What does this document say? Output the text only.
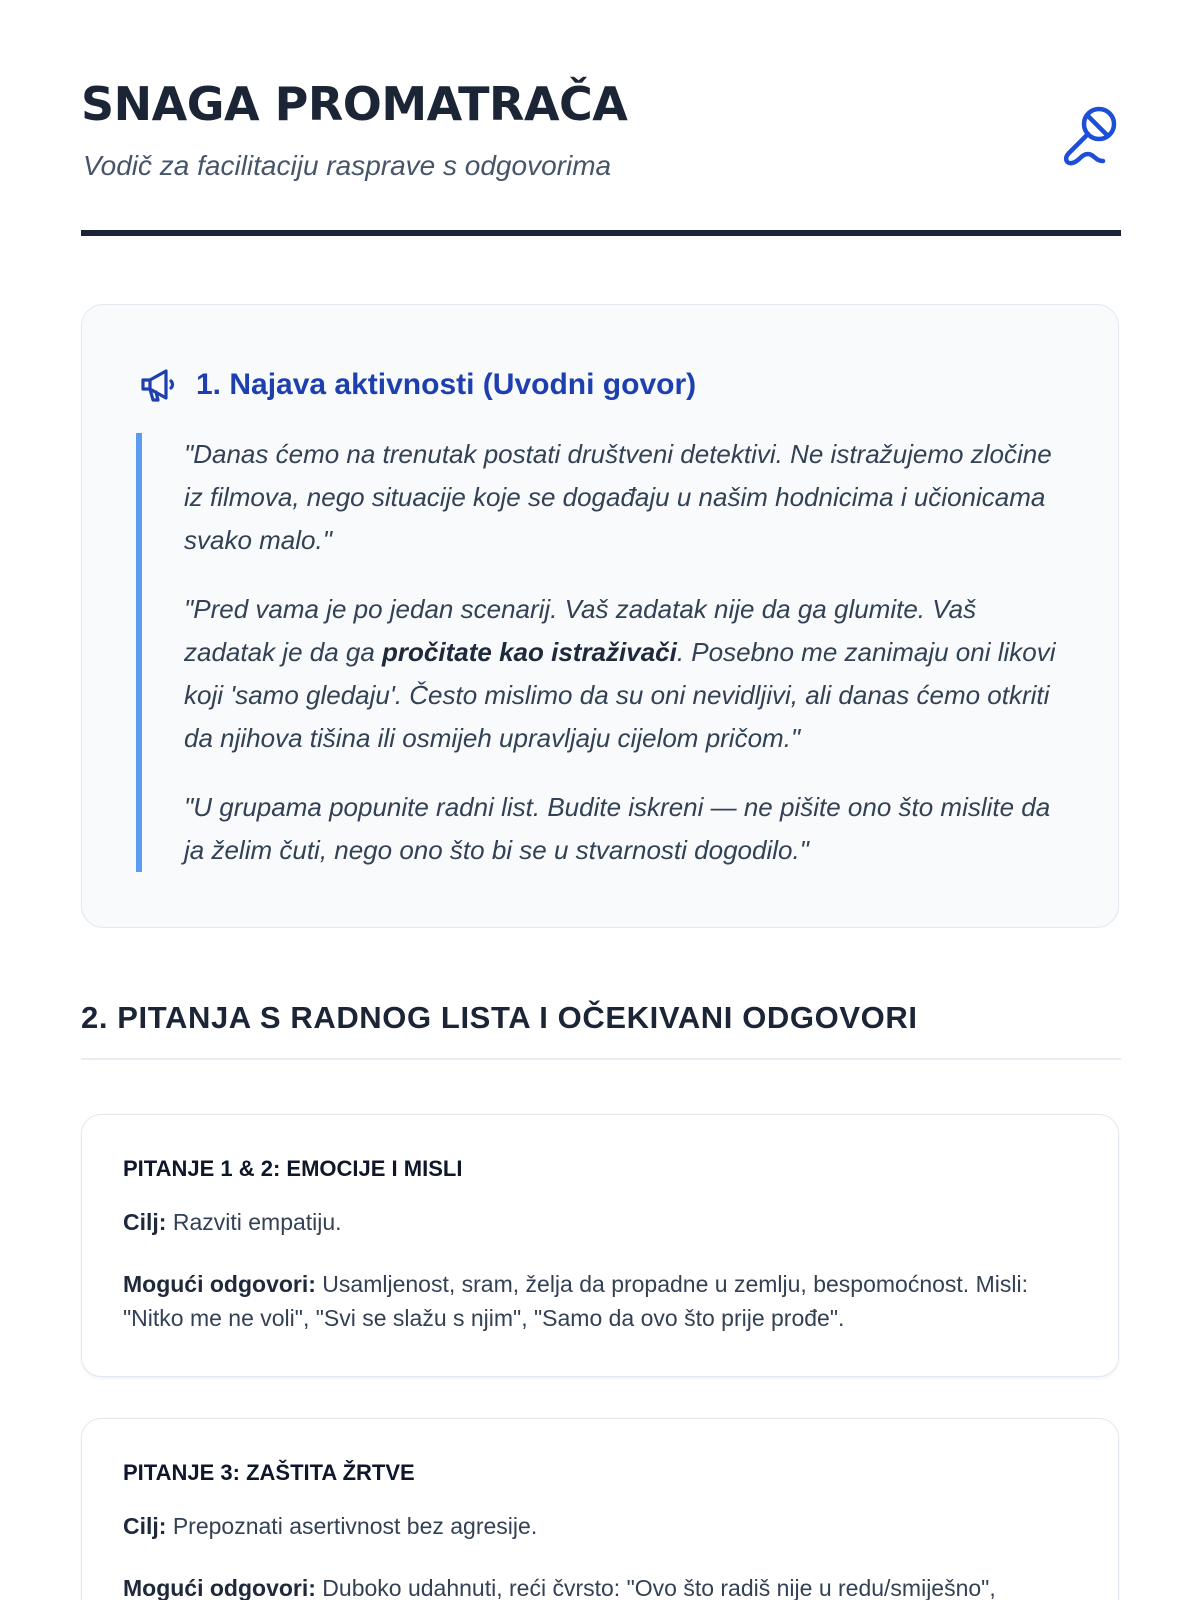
SNAGA PROMATRAČA
Vodič za facilitaciju rasprave s odgovorima
1. Najava aktivnosti (Uvodni govor)

"Danas ćemo na trenutak postati društveni detektivi. Ne istražujemo zločine iz filmova, nego situacije koje se događaju u našim hodnicima i učionicama svako malo."

"Pred vama je po jedan scenarij. Vaš zadatak nije da ga glumite. Vaš zadatak je da ga pročitate kao istraživači. Posebno me zanimaju oni likovi koji 'samo gledaju'. Često mislimo da su oni nevidljivi, ali danas ćemo otkriti da njihova tišina ili osmijeh upravljaju cijelom pričom."

"U grupama popunite radni list. Budite iskreni — ne pišite ono što mislite da ja želim čuti, nego ono što bi se u stvarnosti dogodilo."

2. PITANJA S RADNOG LISTA I OČEKIVANI ODGOVORI
PITANJE 1 & 2: EMOCIJE I MISLI
Cilj: Razviti empatiju.
Mogući odgovori: Usamljenost, sram, želja da propadne u zemlju, bespomoćnost. Misli: "Nitko me ne voli", "Svi se slažu s njim", "Samo da ovo što prije prođe".
PITANJE 3: ZAŠTITA ŽRTVE
Cilj: Prepoznati asertivnost bez agresije.
Mogući odgovori: Duboko udahnuti, reći čvrsto: "Ovo što radiš nije u redu/smiješno",
